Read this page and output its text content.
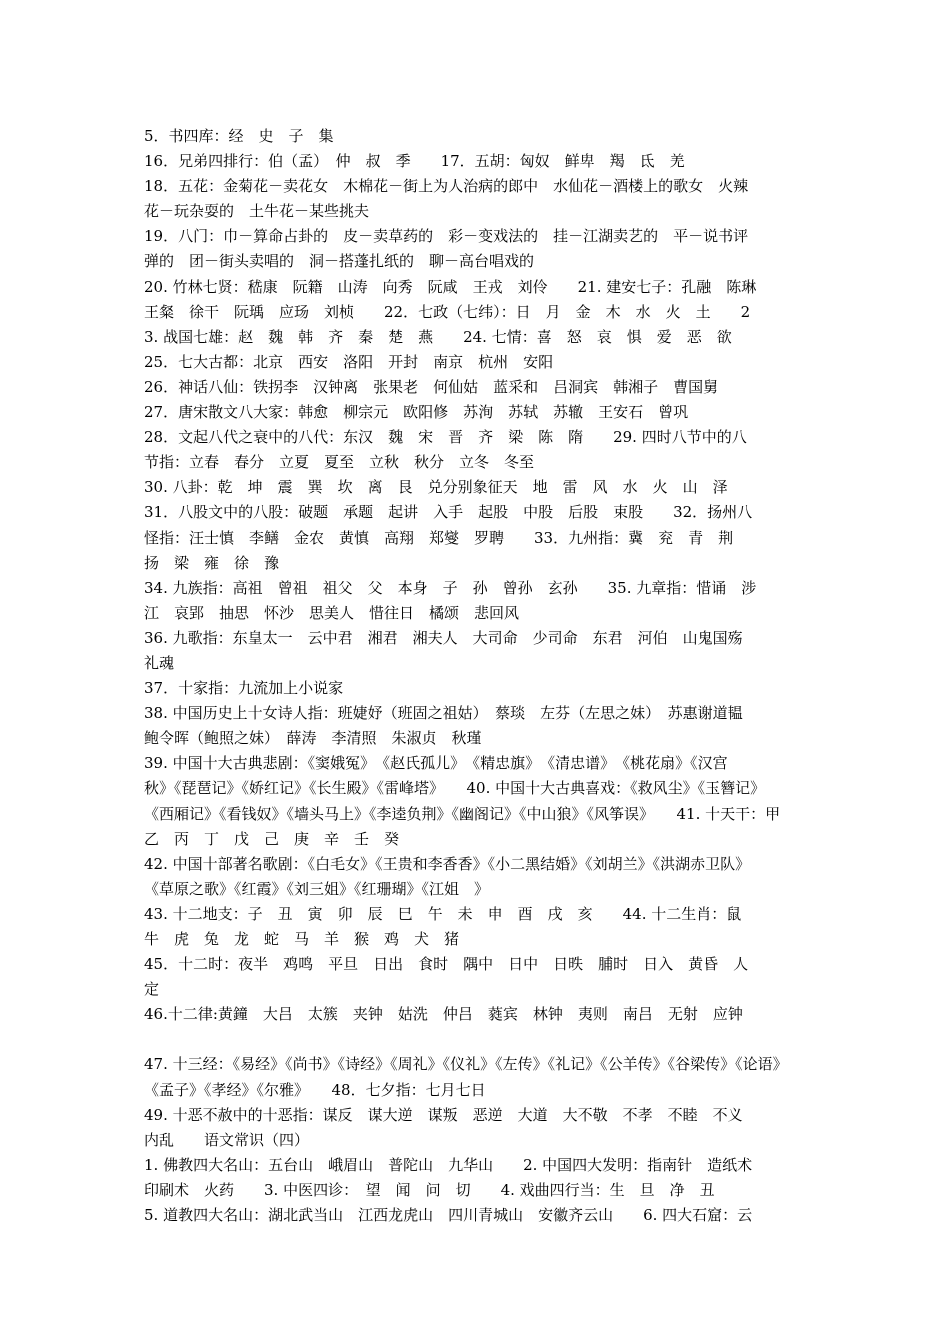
5．书四库：经　史　子　集
16．兄弟四排行：伯（孟）　仲　叔　季　　17．五胡：匈奴　鲜卑　羯　氐　羌
18．五花：金菊花－卖花女　木棉花－街上为人治病的郎中　水仙花－酒楼上的歌女　火辣
花－玩杂耍的　土牛花－某些挑夫
19．八门：巾－算命占卦的　皮－卖草药的　彩－变戏法的　挂－江湖卖艺的　平－说书评
弹的　团－街头卖唱的　洞－搭蓬扎纸的　聊－高台唱戏的
20. 竹林七贤：嵇康　阮籍　山涛　向秀　阮咸　王戎　刘伶　　21. 建安七子：孔融　陈琳
王粲　徐干　阮瑀　应玚　刘桢　　22．七政（七纬）：日　月　金　木　水　火　土　　2
3. 战国七雄：赵　魏　韩　齐　秦　楚　燕　　24. 七情：喜　怒　哀　惧　爱　恶　欲
25．七大古都：北京　西安　洛阳　开封　南京　杭州　安阳
26．神话八仙：铁拐李　汉钟离　张果老　何仙姑　蓝采和　吕洞宾　韩湘子　曹国舅
27．唐宋散文八大家：韩愈　柳宗元　欧阳修　苏洵　苏轼　苏辙　王安石　曾巩
28．文起八代之衰中的八代：东汉　魏　宋　晋　齐　梁　陈　隋　　29. 四时八节中的八
节指：立春　春分　立夏　夏至　立秋　秋分　立冬　冬至
30. 八卦：乾　坤　震　巽　坎　离　艮　兑分别象征天　地　雷　风　水　火　山　泽
31．八股文中的八股：破题　承题　起讲　入手　起股　中股　后股　束股　　32．扬州八
怪指：汪士慎　李鳝　金农　黄慎　高翔　郑燮　罗聘　　33．九州指：冀　兖　青　荆
扬　梁　雍　徐　豫
34. 九族指：高祖　曾祖　祖父　父　本身　子　孙　曾孙　玄孙　　35. 九章指：惜诵　涉
江　哀郢　抽思　怀沙　思美人　惜往日　橘颂　悲回风
36. 九歌指：东皇太一　云中君　湘君　湘夫人　大司命　少司命　东君　河伯　山鬼国殇
礼魂
37．十家指：九流加上小说家
38. 中国历史上十女诗人指：班婕妤（班固之祖姑）　蔡琰　左芬（左思之妹）　苏惠谢道韫
鲍令晖（鲍照之妹）　薛涛　李清照　朱淑贞　秋瑾
39. 中国十大古典悲剧：《窦娥冤》　《赵氏孤儿》　《精忠旗》　《清忠谱》　《桃花扇》《汉宫
秋》《琵琶记》《娇红记》《长生殿》《雷峰塔》　　40. 中国十大古典喜戏：《救风尘》《玉簪记》
《西厢记》《看钱奴》《墙头马上》《李逵负荆》《幽阁记》《中山狼》《风筝误》　　41. 十天干：甲
乙　丙　丁　戊　己　庚　辛　壬　癸
42. 中国十部著名歌剧：《白毛女》《王贵和李香香》《小二黑结婚》《刘胡兰》《洪湖赤卫队》
《草原之歌》《红霞》《刘三姐》《红珊瑚》《江姐　》
43. 十二地支：子　丑　寅　卯　辰　巳　午　未　申　酉　戌　亥　　44. 十二生肖：鼠
牛　虎　兔　龙　蛇　马　羊　猴　鸡　犬　猪
45．十二时：夜半　鸡鸣　平旦　日出　食时　隅中　日中　日昳　脯时　日入　黄昏　人
定
46.十二律:黄鐘　大吕　太簇　夹钟　姑洗　仲吕　蕤宾　林钟　夷则　南吕　无射　应钟
47. 十三经：《易经》《尚书》《诗经》《周礼》《仪礼》《左传》《礼记》《公羊传》《谷梁传》《论语》
《孟子》《孝经》《尔雅》　　48．七夕指：七月七日
49. 十恶不赦中的十恶指：谋反　谋大逆　谋叛　恶逆　大道　大不敬　不孝　不睦　不义
内乱　　语文常识（四）
1. 佛教四大名山：五台山　峨眉山　普陀山　九华山　　2. 中国四大发明：指南针　造纸术
印刷术　火药　　3. 中医四诊：　望　闻　问　切　　4. 戏曲四行当：生　旦　净　丑
5. 道教四大名山：湖北武当山　江西龙虎山　四川青城山　安徽齐云山　　6. 四大石窟：云
